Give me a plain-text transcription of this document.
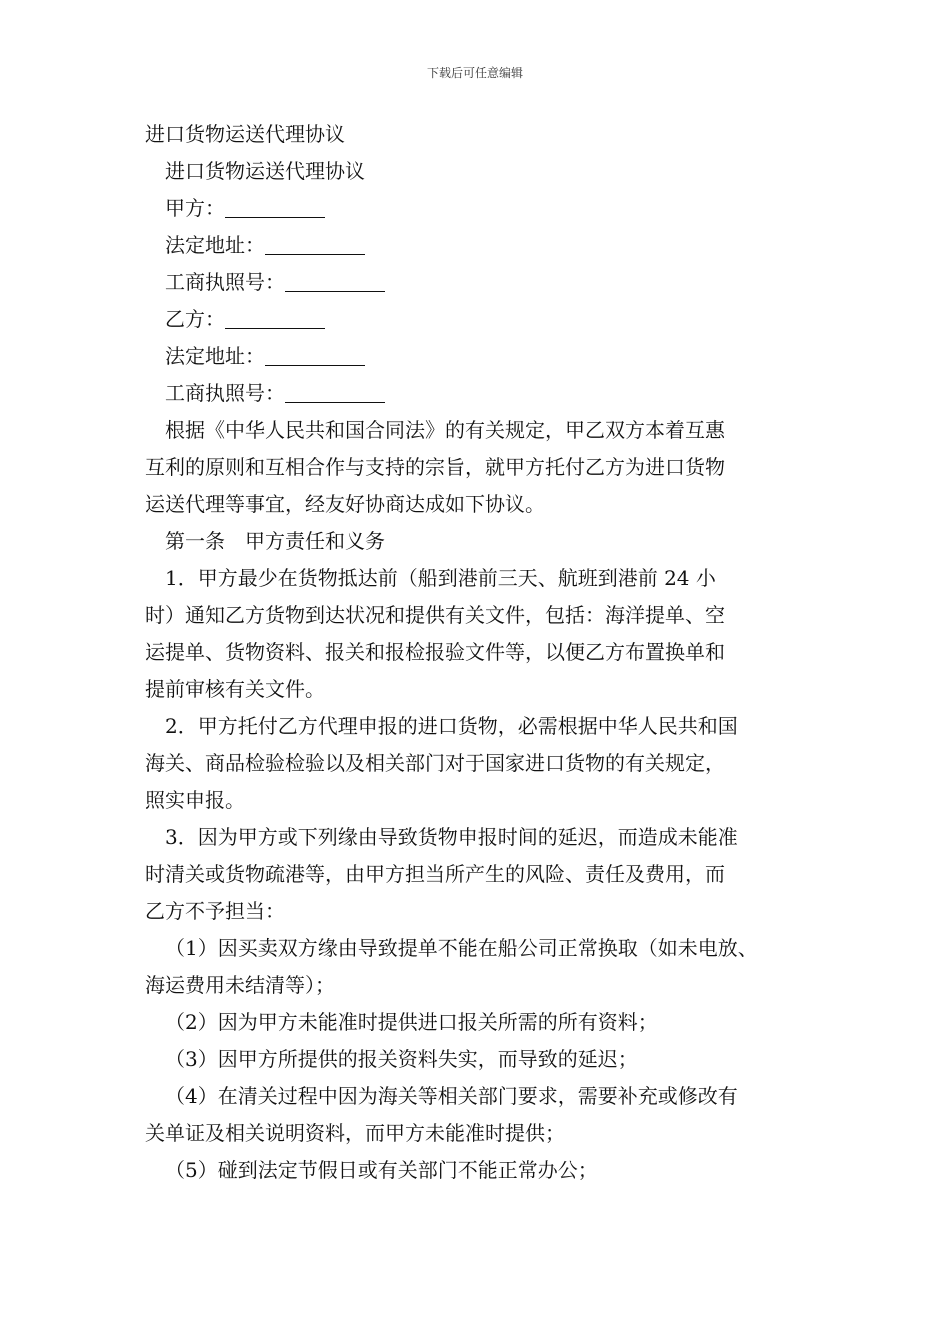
下载后可任意编辑
进口货物运送代理协议
进口货物运送代理协议
甲方：
法定地址：
工商执照号：
乙方：
法定地址：
工商执照号：
根据《中华人民共和国合同法》的有关规定，甲乙双方本着互惠
互利的原则和互相合作与支持的宗旨，就甲方托付乙方为进口货物
运送代理等事宜，经友好协商达成如下协议。
第一条　甲方责任和义务
1．甲方最少在货物抵达前（船到港前三天、航班到港前 24 小
时）通知乙方货物到达状况和提供有关文件，包括：海洋提单、空
运提单、货物资料、报关和报检报验文件等，以便乙方布置换单和
提前审核有关文件。
2．甲方托付乙方代理申报的进口货物，必需根据中华人民共和国
海关、商品检验检验以及相关部门对于国家进口货物的有关规定，
照实申报。
3．因为甲方或下列缘由导致货物申报时间的延迟，而造成未能准
时清关或货物疏港等，由甲方担当所产生的风险、责任及费用，而
乙方不予担当：
（1）因买卖双方缘由导致提单不能在船公司正常换取（如未电放、
海运费用未结清等）；
（2）因为甲方未能准时提供进口报关所需的所有资料；
（3）因甲方所提供的报关资料失实，而导致的延迟；
（4）在清关过程中因为海关等相关部门要求，需要补充或修改有
关单证及相关说明资料，而甲方未能准时提供；
（5）碰到法定节假日或有关部门不能正常办公；
